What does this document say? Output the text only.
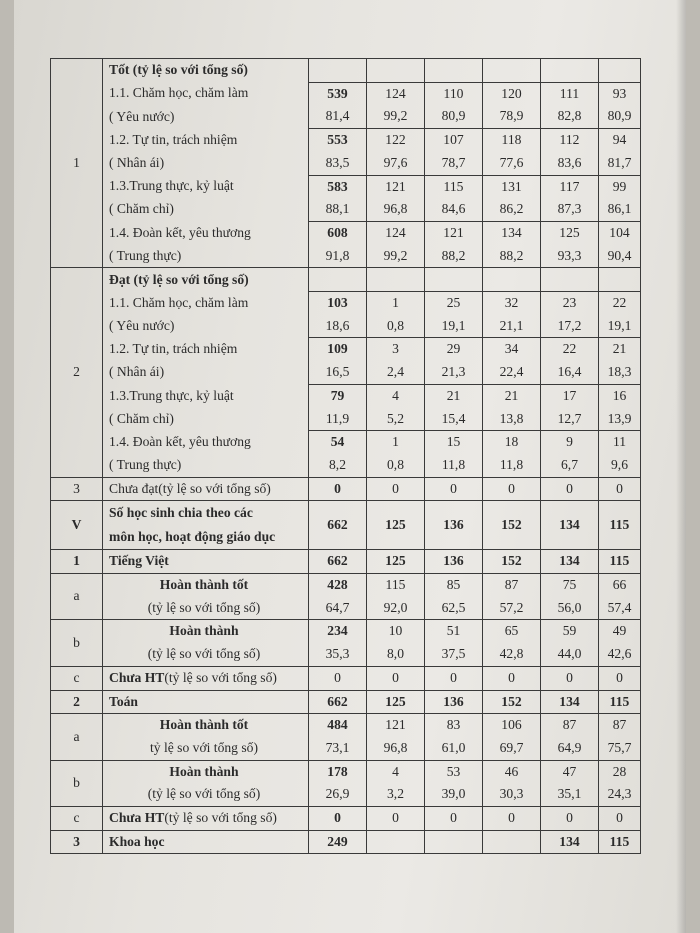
1	Tốt (tỷ lệ so với tổng số)						
	1.1. Chăm học, chăm làm	539	124	110	120	111	93
	( Yêu nước)	81,4	99,2	80,9	78,9	82,8	80,9
	1.2. Tự tin, trách nhiệm	553	122	107	118	112	94
	( Nhân ái)	83,5	97,6	78,7	77,6	83,6	81,7
	1.3.Trung thực, kỷ luật	583	121	115	131	117	99
	( Chăm chỉ)	88,1	96,8	84,6	86,2	87,3	86,1
	1.4. Đoàn kết, yêu thương	608	124	121	134	125	104
	( Trung thực)	91,8	99,2	88,2	88,2	93,3	90,4
2	Đạt (tỷ lệ so với tổng số)						
	1.1. Chăm học, chăm làm	103	1	25	32	23	22
	( Yêu nước)	18,6	0,8	19,1	21,1	17,2	19,1
	1.2. Tự tin, trách nhiệm	109	3	29	34	22	21
	( Nhân ái)	16,5	2,4	21,3	22,4	16,4	18,3
	1.3.Trung thực, kỷ luật	79	4	21	21	17	16
	( Chăm chỉ)	11,9	5,2	15,4	13,8	12,7	13,9
	1.4. Đoàn kết, yêu thương	54	1	15	18	9	11
	( Trung thực)	8,2	0,8	11,8	11,8	6,7	9,6
3	Chưa đạt(tỷ lệ so với tổng số)	0	0	0	0	0	0
V	Số học sinh chia theo các
môn học, hoạt động giáo dục	662	125	136	152	134	115
1	Tiếng Việt	662	125	136	152	134	115
a	Hoàn thành tốt	428	115	85	87	75	66
	(tỷ lệ so với tổng số)	64,7	92,0	62,5	57,2	56,0	57,4
b	Hoàn thành	234	10	51	65	59	49
	(tỷ lệ so với tổng số)	35,3	8,0	37,5	42,8	44,0	42,6
c	Chưa HT(tỷ lệ so với tổng số)	0	0	0	0	0	0
2	Toán	662	125	136	152	134	115
a	Hoàn thành tốt	484	121	83	106	87	87
	tỷ lệ so với tổng số)	73,1	96,8	61,0	69,7	64,9	75,7
b	Hoàn thành	178	4	53	46	47	28
	(tỷ lệ so với tổng số)	26,9	3,2	39,0	30,3	35,1	24,3
c	Chưa HT(tỷ lệ so với tổng số)	0	0	0	0	0	0
3	Khoa học	249				134	115
